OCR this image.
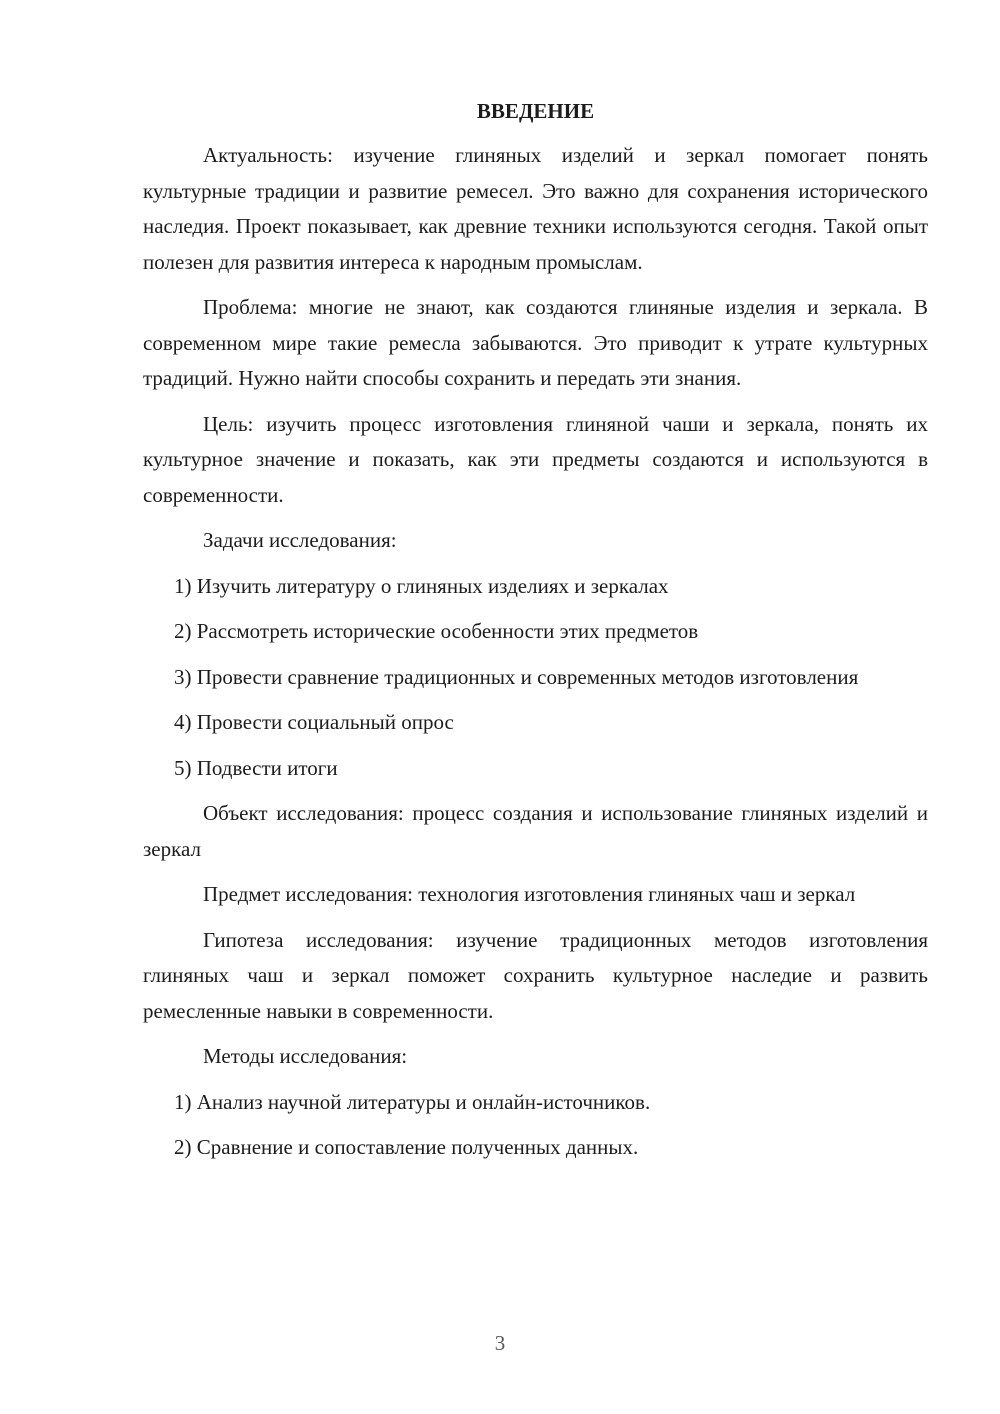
ВВЕДЕНИЕ

Актуальность: изучение глиняных изделий и зеркал помогает понять культурные традиции и развитие ремесел. Это важно для сохранения исторического наследия. Проект показывает, как древние техники используются сегодня. Такой опыт полезен для развития интереса к народным промыслам.

Проблема: многие не знают, как создаются глиняные изделия и зеркала. В современном мире такие ремесла забываются. Это приводит к утрате культурных традиций. Нужно найти способы сохранить и передать эти знания.

Цель: изучить процесс изготовления глиняной чаши и зеркала, понять их культурное значение и показать, как эти предметы создаются и используются в современности.

Задачи исследования:

1) Изучить литературу о глиняных изделиях и зеркалах

2) Рассмотреть исторические особенности этих предметов

3) Провести сравнение традиционных и современных методов изготовления

4) Провести социальный опрос

5) Подвести итоги

Объект исследования: процесс создания и использование глиняных изделий и зеркал

Предмет исследования: технология изготовления глиняных чаш и зеркал

Гипотеза исследования: изучение традиционных методов изготовления глиняных чаш и зеркал поможет сохранить культурное наследие и развить ремесленные навыки в современности.

Методы исследования:

1) Анализ научной литературы и онлайн-источников.

2) Сравнение и сопоставление полученных данных.

3
